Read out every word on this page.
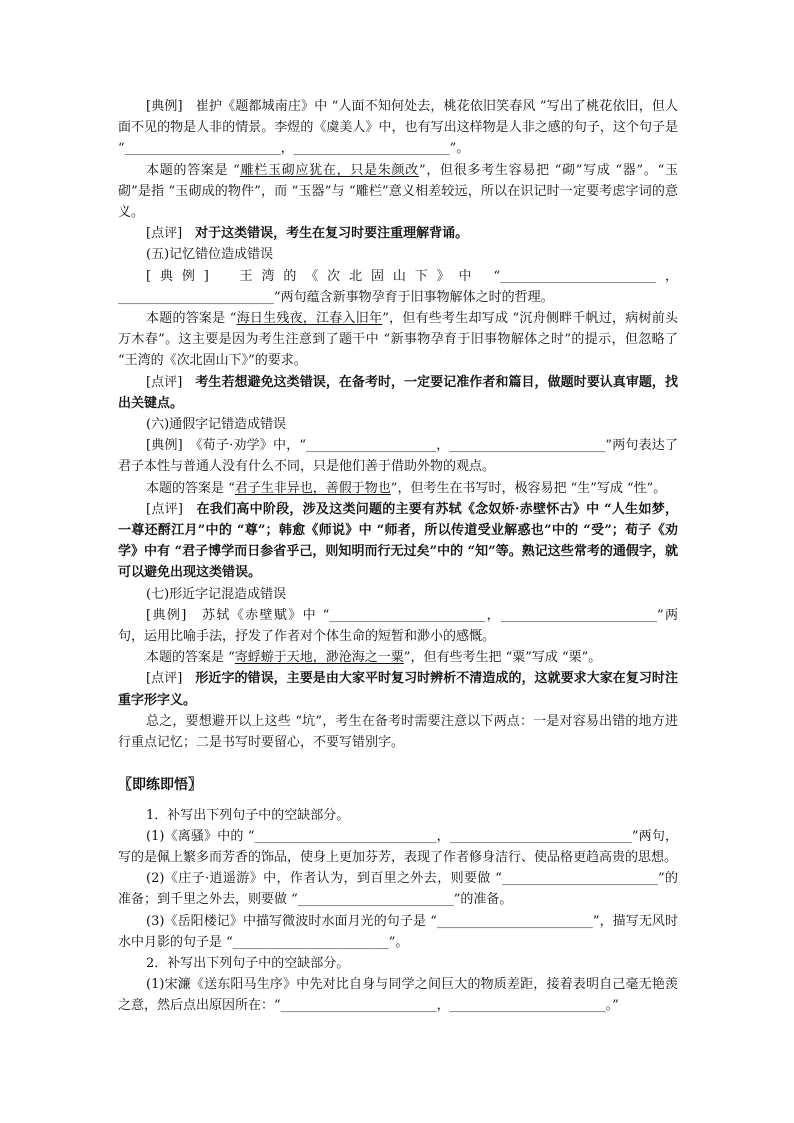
[典例]　崔护《题都城南庄》中 “人面不知何处去，桃花依旧笑春风 ”写出了桃花依旧，但人面不见的物是人非的情景。李煜的《虞美人》中，也有写出这样物是人非之感的句子，这个句子是 “________________________，________________________”。

本题的答案是 “雕栏玉砌应犹在，只是朱颜改”，但很多考生容易把 “砌”写成 “器”。“玉砌”是指 “玉砌成的物件”，而 “玉器”与 “雕栏”意义相差较远，所以在识记时一定要考虑字词的意义。

[点评]　对于这类错误，考生在复习时要注重理解背诵。

(五)记忆错位造成错误

[典例]　王湾的《次北固山下》中 “________________________，________________________”两句蕴含新事物孕育于旧事物解体之时的哲理。

本题的答案是 “海日生残夜，江春入旧年”，但有些考生却写成 “沉舟侧畔千帆过，病树前头万木春”。这主要是因为考生注意到了题干中 “新事物孕育于旧事物解体之时”的提示，但忽略了 “王湾的《次北固山下》”的要求。

[点评]　考生若想避免这类错误，在备考时，一定要记准作者和篇目，做题时要认真审题，找出关键点。

(六)通假字记错造成错误

[典例]　《荀子·劝学》中，“____________________，________________________”两句表达了君子本性与普通人没有什么不同，只是他们善于借助外物的观点。

本题的答案是 “君子生非异也，善假于物也”，但考生在书写时，极容易把 “生”写成 “性”。

[点评]　在我们高中阶段，涉及这类问题的主要有苏轼《念奴娇·赤壁怀古》中 “人生如梦，一尊还酹江月”中的 “尊”；韩愈《师说》中 “师者，所以传道受业解惑也”中的 “受”；荀子《劝学》中有 “君子博学而日参省乎己，则知明而行无过矣”中的 “知”等。熟记这些常考的通假字，就可以避免出现这类错误。

(七)形近字记混造成错误

[典例]　苏轼《赤壁赋》中 “________________________，________________________”两句，运用比喻手法，抒发了作者对个体生命的短暂和渺小的感慨。

本题的答案是 “寄蜉蝣于天地，渺沧海之一粟”，但有些考生把 “粟”写成 “栗”。

[点评]　形近字的错误，主要是由大家平时复习时辨析不清造成的，这就要求大家在复习时注重字形字义。

总之，要想避开以上这些 “坑”，考生在备考时需要注意以下两点：一是对容易出错的地方进行重点记忆；二是书写时要留心，不要写错别字。

〖即练即悟〗

1．补写出下列句子中的空缺部分。

(1)《离骚》中的 “____________________________，____________________________”两句，写的是佩上繁多而芳香的饰品，使身上更加芬芳，表现了作者修身洁行、使品格更趋高贵的思想。

(2)《庄子·逍遥游》中，作者认为，到百里之外去，则要做 “________________________”的准备；到千里之外去，则要做 “________________________”的准备。

(3)《岳阳楼记》中描写微波时水面月光的句子是 “________________________”，描写无风时水中月影的句子是 “________________________”。

2．补写出下列句子中的空缺部分。

(1)宋濂《送东阳马生序》中先对比自身与同学之间巨大的物质差距，接着表明自己毫无艳羡之意，然后点出原因所在：“________________________，________________________。”
